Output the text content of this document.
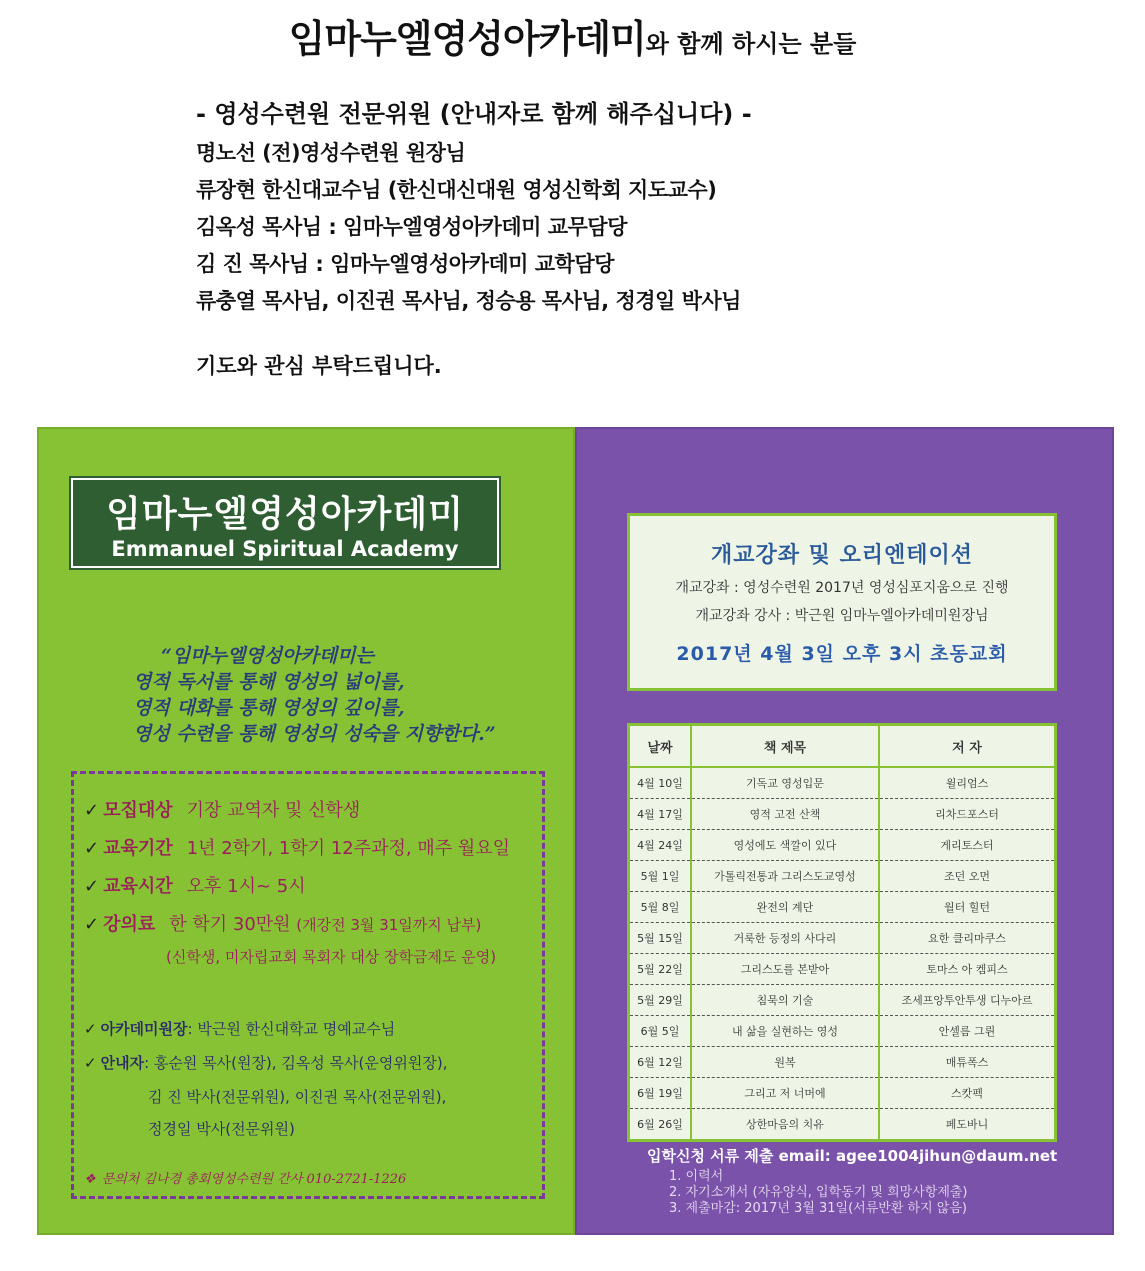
임마누엘영성아카데미와 함께 하시는 분들
- 영성수련원 전문위원 (안내자로 함께 해주십니다) -
명노선 (전)영성수련원 원장님
류장현 한신대교수님 (한신대신대원 영성신학회 지도교수)
김옥성 목사님 : 임마누엘영성아카데미 교무담당
김 진 목사님 : 임마누엘영성아카데미 교학담당
류충열 목사님, 이진권 목사님, 정승용 목사님, 정경일 박사님
기도와 관심 부탁드립니다.
임마누엘영성아카데미
Emmanuel Spiritual Academy
“임마누엘영성아카데미는
영적 독서를 통해 영성의 넓이를,
영적 대화를 통해 영성의 깊이를,
영성 수련을 통해 영성의 성숙을 지향한다.”
✓ 모집대상 기장 교역자 및 신학생
✓ 교육기간 1년 2학기, 1학기 12주과정, 매주 월요일
✓ 교육시간 오후 1시~ 5시
✓ 강의료 한 학기 30만원 (개강전 3월 31일까지 납부)
(신학생, 미자립교회 목회자 대상 장학금제도 운영)
✓ 아카데미원장: 박근원 한신대학교 명예교수님
✓ 안내자: 홍순원 목사(원장), 김옥성 목사(운영위원장),
김 진 박사(전문위원), 이진권 목사(전문위원),
정경일 박사(전문위원)
❖ 문의처 김나경 총회영성수련원 간사 010-2721-1226
개교강좌 및 오리엔테이션
개교강좌 : 영성수련원 2017년 영성심포지움으로 진행
개교강좌 강사 : 박근원 임마누엘아카데미원장님
2017년 4월 3일 오후 3시 초동교회
날짜	책 제목	저 자
4월 10일	기독교 영성입문	윌리엄스
4월 17일	영적 고전 산책	리차드포스터
4월 24일	영성에도 색깔이 있다	게리토스터
5월 1일	가톨릭전통과 그리스도교영성	조던 오먼
5월 8일	완전의 계단	월터 힐턴
5월 15일	거룩한 등정의 사다리	요한 클리마쿠스
5월 22일	그리스도를 본받아	토마스 아 켐피스
5월 29일	침묵의 기술	조세프앙투안투생 디누아르
6월 5일	내 삶을 실현하는 영성	안셀름 그륀
6월 12일	원복	매튜폭스
6월 19일	그리고 저 너머에	스캇펙
6월 26일	상한마음의 치유	페도바니
입학신청 서류 제출 email: agee1004jihun@daum.net
1. 이력서
2. 자기소개서 (자유양식, 입학동기 및 희망사항제출)
3. 제출마감: 2017년 3월 31일(서류반환 하지 않음)
